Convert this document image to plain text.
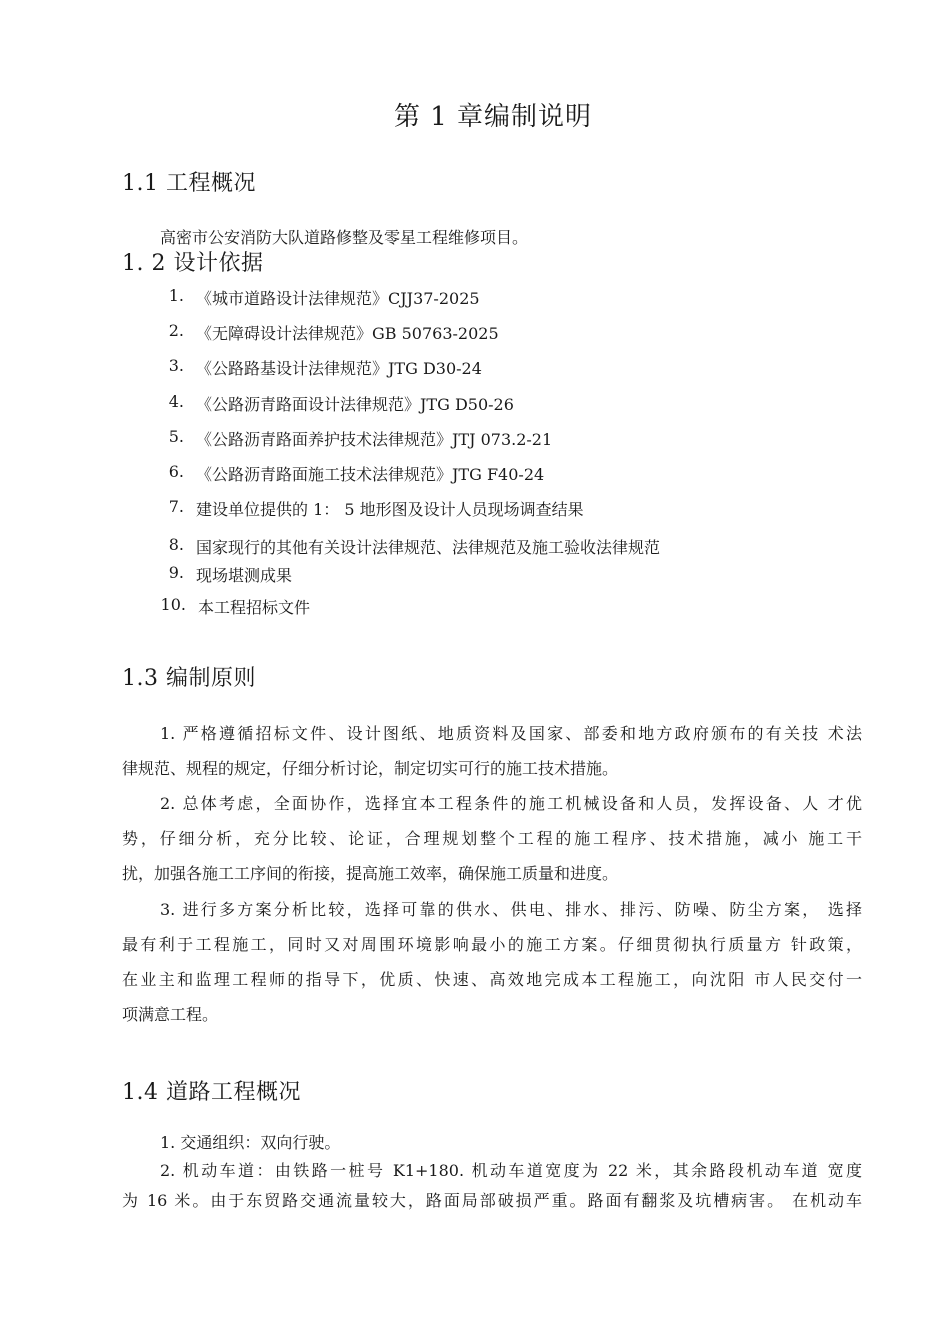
第 1 章编制说明
1.1 工程概况
高密市公安消防大队道路修整及零星工程维修项目。
1. 2 设计依据
1. 《城市道路设计法律规范》CJJ37-2025
2. 《无障碍设计法律规范》GB 50763-2025
3. 《公路路基设计法律规范》JTG D30-24
4. 《公路沥青路面设计法律规范》JTG D50-26
5. 《公路沥青路面养护技术法律规范》JTJ 073.2-21
6. 《公路沥青路面施工技术法律规范》JTG F40-24
7. 建设单位提供的 1： 5 地形图及设计人员现场调查结果
8. 国家现行的其他有关设计法律规范、法律规范及施工验收法律规范
9. 现场堪测成果
10. 本工程招标文件
1.3 编制原则
1. 严格遵循招标文件、设计图纸、地质资料及国家、部委和地方政府颁布的有关技 术法
律规范、规程的规定，仔细分析讨论，制定切实可行的施工技术措施。
2. 总体考虑，全面协作，选择宜本工程条件的施工机械设备和人员，发挥设备、人 才优
势，仔细分析，充分比较、论证，合理规划整个工程的施工程序、技术措施，减小 施工干
扰，加强各施工工序间的衔接，提高施工效率，确保施工质量和进度。
3. 进行多方案分析比较，选择可靠的供水、供电、排水、排污、防噪、防尘方案， 选择
最有利于工程施工，同时又对周围环境影响最小的施工方案。仔细贯彻执行质量方 针政策，
在业主和监理工程师的指导下，优质、快速、高效地完成本工程施工，向沈阳 市人民交付一
项满意工程。
1.4 道路工程概况
1. 交通组织：双向行驶。
2. 机动车道：由铁路一桩号 K1+180. 机动车道宽度为 22 米，其余路段机动车道 宽度
为 16 米。由于东贸路交通流量较大，路面局部破损严重。路面有翻浆及坑槽病害。 在机动车
